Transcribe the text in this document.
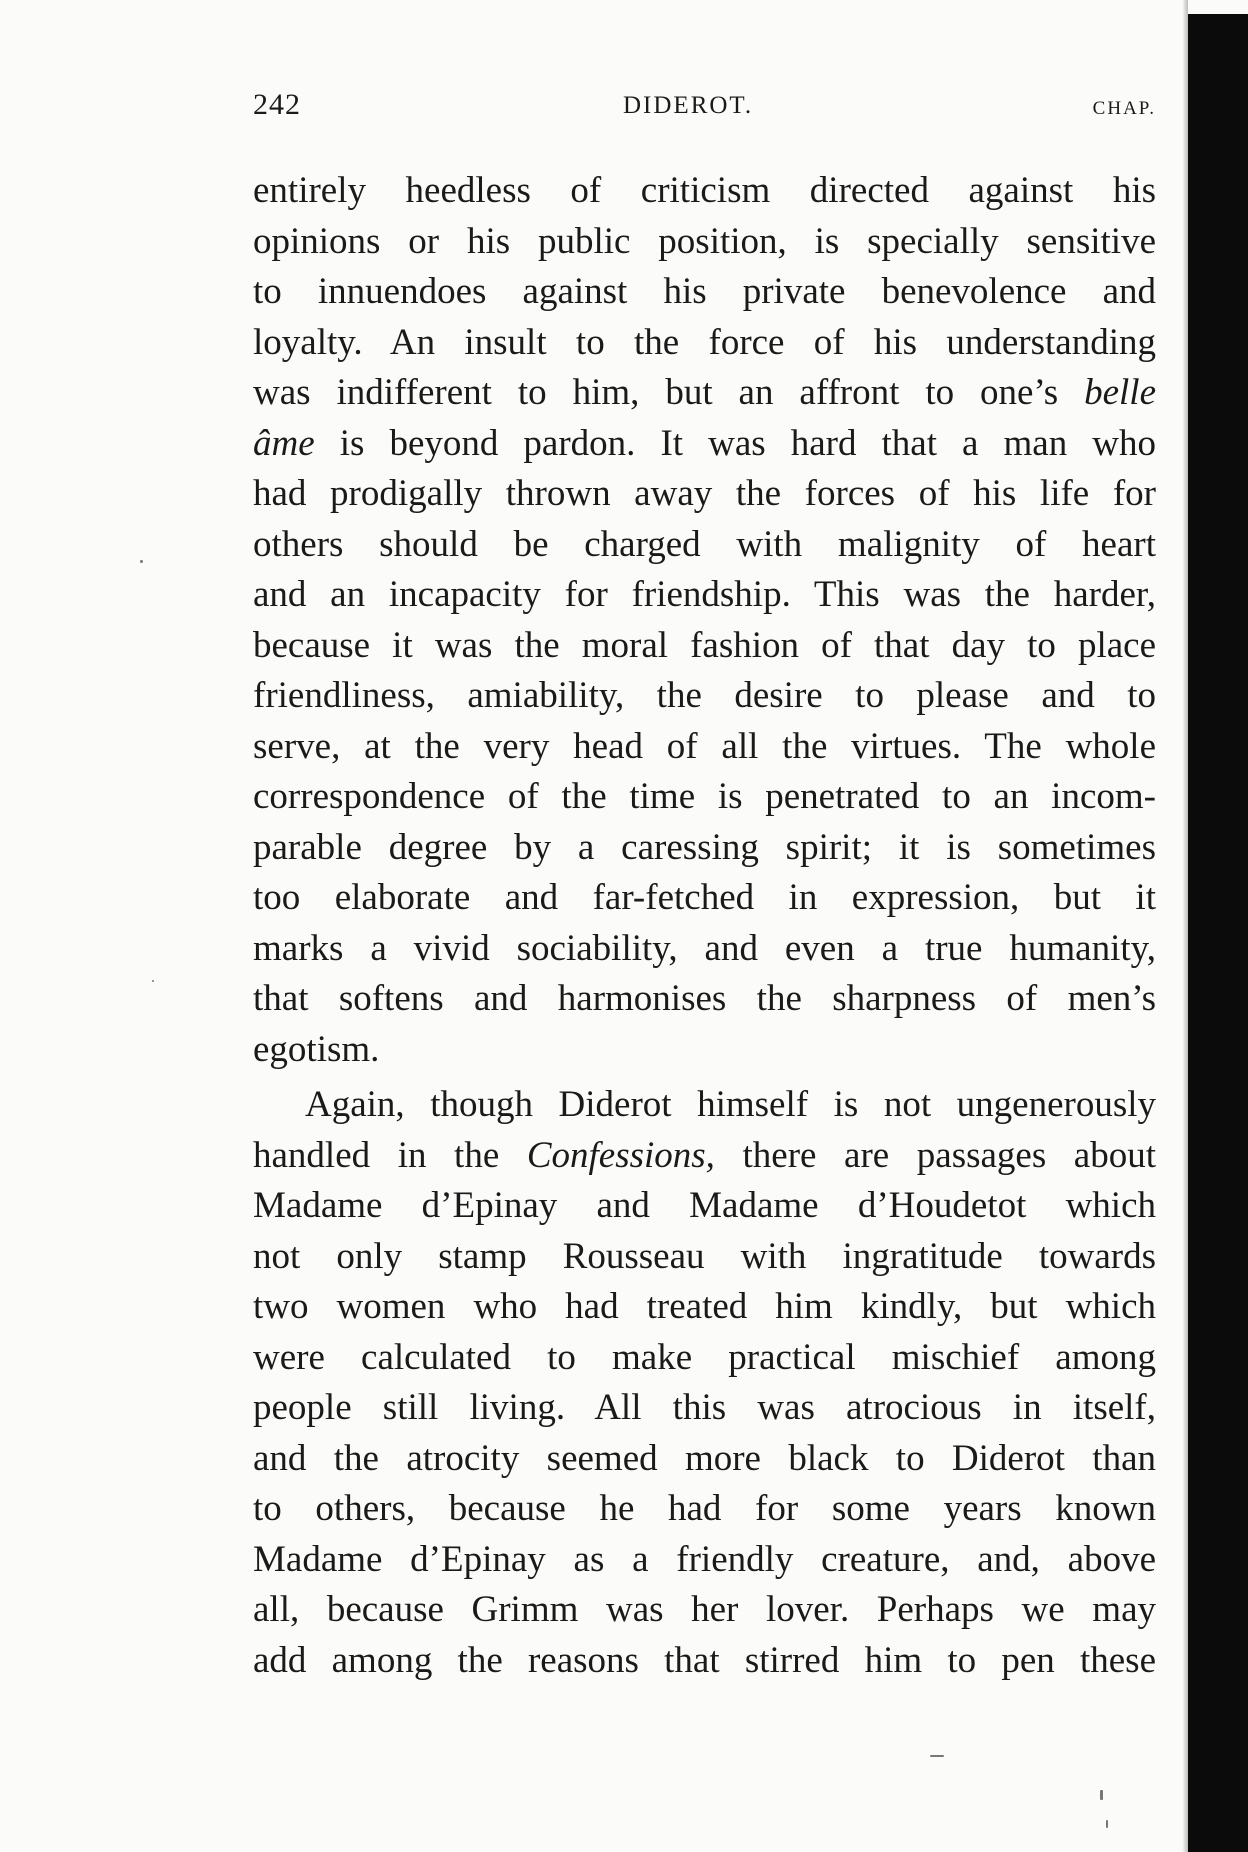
242	DIDEROT.	CHAP.
entirely heedless of criticism directed against his
opinions or his public position, is specially sensitive
to innuendoes against his private benevolence and
loyalty. An insult to the force of his understanding
was indifferent to him, but an affront to one’s belle
âme is beyond pardon. It was hard that a man who
had prodigally thrown away the forces of his life for
others should be charged with malignity of heart
and an incapacity for friendship. This was the harder,
because it was the moral fashion of that day to place
friendliness, amiability, the desire to please and to
serve, at the very head of all the virtues. The whole
correspondence of the time is penetrated to an incom-
parable degree by a caressing spirit; it is sometimes
too elaborate and far-fetched in expression, but it
marks a vivid sociability, and even a true humanity,
that softens and harmonises the sharpness of men’s
egotism.
Again, though Diderot himself is not ungenerously
handled in the Confessions, there are passages about
Madame d’Epinay and Madame d’Houdetot which
not only stamp Rousseau with ingratitude towards
two women who had treated him kindly, but which
were calculated to make practical mischief among
people still living. All this was atrocious in itself,
and the atrocity seemed more black to Diderot than
to others, because he had for some years known
Madame d’Epinay as a friendly creature, and, above
all, because Grimm was her lover. Perhaps we may
add among the reasons that stirred him to pen these
